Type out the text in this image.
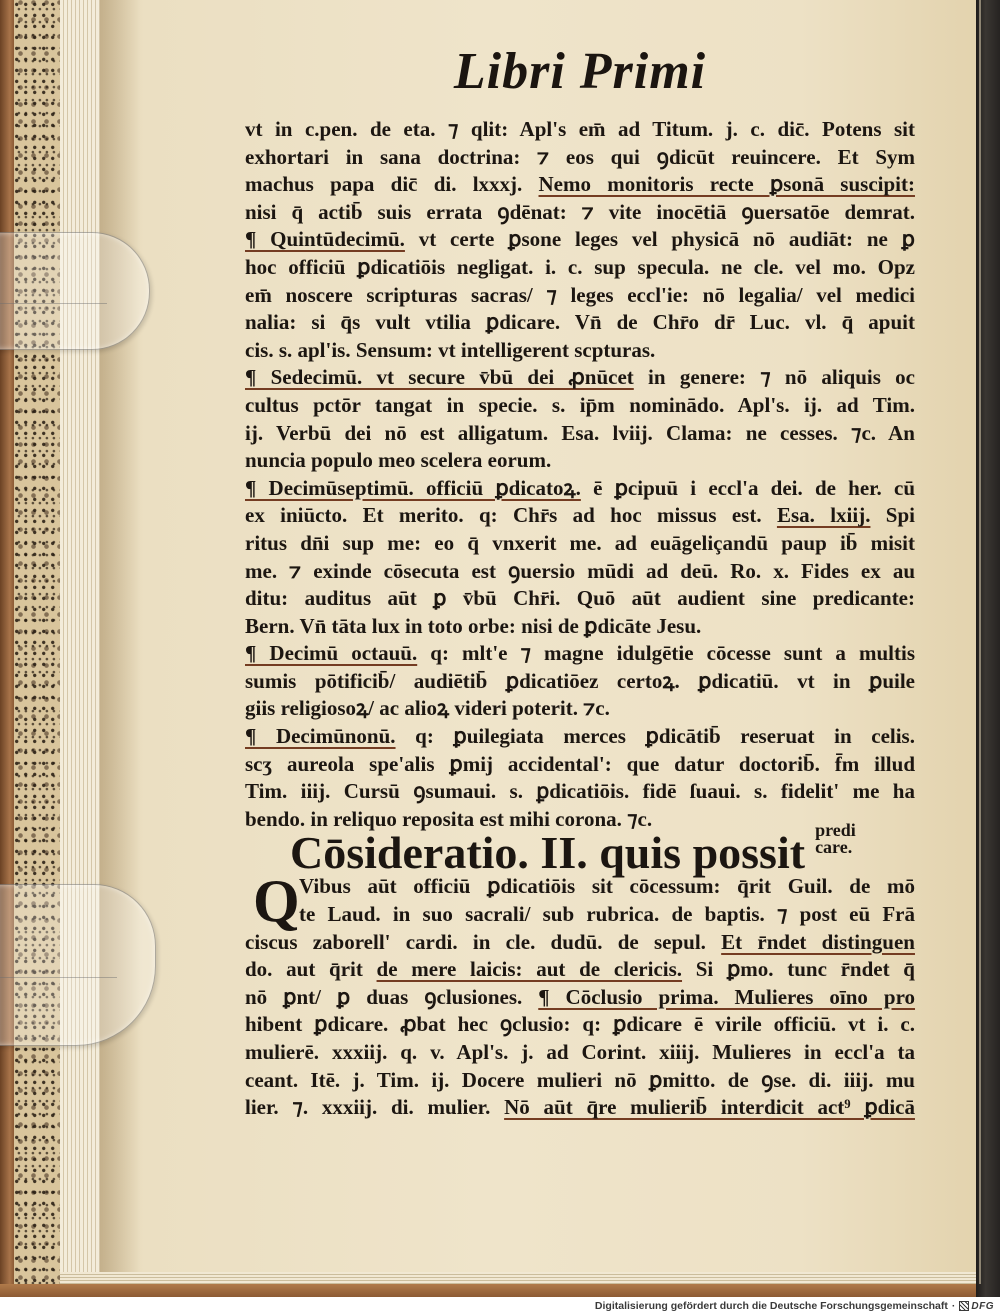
Libri Primi
vt in c.pen. de eta. ⁊ qlit: Apl's em̄ ad Titum. j. c. dic̄. Potens sit
exhortari in sana doctrina: ⁊ eos qui ꝯdicūt reuincere. Et Sym
machus papa dic̄ di. lxxxj. Nemo monitoris recte ꝑsonā suscipit:
nisi q̄ actib̄ suis errata ꝯdēnat: ⁊ vite inocētiā ꝯuersatōe demrat.
¶ Quintūdecimū. vt certe ꝑsone leges vel physicā nō audiāt: ne ꝑ
hoc officiū ꝑdicatiōis negligat. i. c. sup specula. ne cle. vel mo. Opz
em̄ noscere scripturas sacras/ ⁊ leges eccl'ie: nō legalia/ vel medici
nalia: si q̄s vult vtilia ꝑdicare. Vn̄ de Chr̄o dr̄ Luc. vl. q̄ apuit
cis. s. apl'is. Sensum: vt intelligerent scpturas.
¶ Sedecimū. vt secure v̄bū dei ꝓnūcet in genere: ⁊ nō aliquis oc
cultus pctōr tangat in specie. s. ip̄m nominādo. Apl's. ij. ad Tim.
ij. Verbū dei nō est alligatum. Esa. lviij. Clama: ne cesses. ⁊c. An
nuncia populo meo scelera eorum.
¶ Decimūseptimū. officiū ꝑdicatoꝝ. ē ꝑcipuū i eccl'a dei. de her. cū
ex iniūcto. Et merito. q: Chr̄s ad hoc missus est. Esa. lxiij. Spi
ritus dn̄i sup me: eo q̄ vnxerit me. ad euāgeliçandū paup ib̄ misit
me. ⁊ exinde cōsecuta est ꝯuersio mūdi ad deū. Ro. x. Fides ex au
ditu: auditus aūt ꝑ v̄bū Chr̄i. Quō aūt audient sine predicante:
Bern. Vn̄ tāta lux in toto orbe: nisi de ꝑdicāte Jesu.
¶ Decimū octauū. q: mlt'e ⁊ magne idulgētie cōcesse sunt a multis
sumis pōtificib̄/ audiētib̄ ꝑdicatiōez certoꝝ. ꝑdicatiū. vt in ꝑuile
giis religiosoꝝ/ ac alioꝝ videri poterit. ⁊c.
¶ Decimūnonū. q: ꝑuilegiata merces ꝑdicātib̄ reseruat in celis.
scʒ aureola spe'alis ꝑmij accidental': que datur doctorib̄. f̄m illud
Tim. iiij. Cursū ꝯsumaui. s. ꝑdicatiōis. fidē ſuaui. s. fidelit' me ha
bendo. in reliquo reposita est mihi corona. ⁊c.
Cōsideratio. II. quis possit predi
care.
Q Vibus aūt officiū ꝑdicatiōis sit cōcessum: q̄rit Guil. de mō
te Laud. in suo sacrali/ sub rubrica. de baptis. ⁊ post eū Frā
ciscus zaborell' cardi. in cle. dudū. de sepul. Et r̄ndet distinguen
do. aut q̄rit de mere laicis: aut de clericis. Si ꝑmo. tunc r̄ndet q̄
nō ꝑnt/ ꝑ duas ꝯclusiones. ¶ Cōclusio prima. Mulieres oīno pro
hibent ꝑdicare. ꝓbat hec ꝯclusio: q: ꝑdicare ē virile officiū. vt i. c.
mulierē. xxxiij. q. v. Apl's. j. ad Corint. xiiij. Mulieres in eccl'a ta
ceant. Itē. j. Tim. ij. Docere mulieri nō ꝑmitto. de ꝯse. di. iiij. mu
lier. ⁊. xxxiij. di. mulier. Nō aūt q̄re mulierib̄ interdicit act⁹ ꝑdicā
Digitalisierung gefördert durch die Deutsche Forschungsgemeinschaft · DFG
